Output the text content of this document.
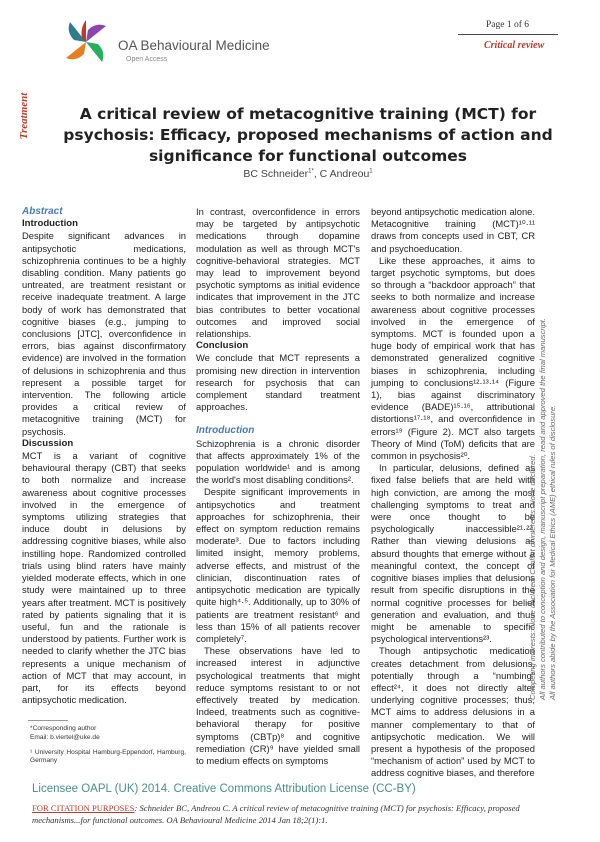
OA Behavioural Medicine
Open Access
Page 1 of 6
Critical review
Treatment	A critical review of metacognitive training (MCT) for psychosis: Efficacy, proposed mechanisms of action and significance for functional outcomes
BC Schneider$^{1*}$, C Andreou$^1$

Abstract

Introduction

Despite significant advances in antipsychotic medications, schizophrenia continues to be a highly disabling condition. Many patients go untreated, are treatment resistant or receive inadequate treatment. A large body of work has demonstrated that cognitive biases (e.g., jumping to conclusions [JTC], overconfidence in errors, bias against disconfirmatory evidence) are involved in the formation of delusions in schizophrenia and thus represent a possible target for intervention. The following article provides a critical review of metacognitive training (MCT) for psychosis.

Discussion

MCT is a variant of cognitive behavioural therapy (CBT) that seeks to both normalize and increase awareness about cognitive processes involved in the emergence of symptoms utilizing strategies that induce doubt in delusions by addressing cognitive biases, while also instilling hope. Randomized controlled trials using blind raters have mainly yielded moderate effects, which in one study were maintained up to three years after treatment. MCT is positively rated by patients signaling that it is useful, fun and the rationale is understood by patients. Further work is needed to clarify whether the JTC bias represents a unique mechanism of action of MCT that may account, in part, for its effects beyond antipsychotic medication.

*Corresponding author

Email: b.viertel@uke.de

¹ University Hospital Hamburg-Eppendorf, Hamburg, Germany

In contrast, overconfidence in errors may be targeted by antipsychotic medications through dopamine modulation as well as through MCT's cognitive-behavioral strategies. MCT may lead to improvement beyond psychotic symptoms as initial evidence indicates that improvement in the JTC bias contributes to better vocational outcomes and improved social relationships.

Conclusion

We conclude that MCT represents a promising new direction in intervention research for psychosis that can complement standard treatment approaches.

Introduction

Schizophrenia is a chronic disorder that affects approximately 1% of the population worldwide¹ and is among the world's most disabling conditions².

Despite significant improvements in antipsychotics and treatment approaches for schizophrenia, their effect on symptom reduction remains moderate³. Due to factors including limited insight, memory problems, adverse effects, and mistrust of the clinician, discontinuation rates of antipsychotic medication are typically quite high⁴·⁵. Additionally, up to 30% of patients are treatment resistant⁶ and less than 15% of all patients recover completely⁷.

These observations have led to increased interest in adjunctive psychological treatments that might reduce symptoms resistant to or not effectively treated by medication. Indeed, treatments such as cognitive-behavioral therapy for positive symptoms (CBTp)⁸ and cognitive remediation (CR)⁹ have yielded small to medium effects on symptoms

beyond antipsychotic medication alone. Metacognitive training (MCT)¹⁰·¹¹ draws from concepts used in CBT, CR and psychoeducation.

Like these approaches, it aims to target psychotic symptoms, but does so through a “backdoor approach” that seeks to both normalize and increase awareness about cognitive processes involved in the emergence of symptoms. MCT is founded upon a huge body of empirical work that has demonstrated generalized cognitive biases in schizophrenia, including jumping to conclusions¹²·¹³·¹⁴ (Figure 1), bias against discriminatory evidence (BADE)¹⁵·¹⁶, attributional distortions¹⁷·¹⁸, and overconfidence in errors¹⁹ (Figure 2). MCT also targets Theory of Mind (ToM) deficits that are common in psychosis²⁰.

In particular, delusions, defined as fixed false beliefs that are held with high conviction, are among the most challenging symptoms to treat and were once thought to be psychologically inaccessible²¹·²². Rather than viewing delusions as absurd thoughts that emerge without a meaningful context, the concept of cognitive biases implies that delusions result from specific disruptions in the normal cognitive processes for belief generation and evaluation, and thus might be amenable to specific psychological interventions²³.

Though antipsychotic medication creates detachment from delusions, potentially through a “numbing” effect²⁴, it does not directly alter underlying cognitive processes; thus, MCT aims to address delusions in a manner complementary to that of antipsychotic medication. We will present a hypothesis of the proposed “mechanism of action” used by MCT to address cognitive biases, and therefore

Competing interests: None declared. Conflict of interests: None declared. All authors contributed to conception and design, manuscript preparation, read and approved the final manuscript. All authors abide by the Association for Medical Ethics (AME) ethical rules of disclosure.
Licensee OAPL (UK) 2014. Creative Commons Attribution License (CC-BY)
FOR CITATION PURPOSES: Schneider BC, Andreou C. A critical review of metacognitive training (MCT) for psychosis: Efficacy, proposed mechanisms...for functional outcomes. OA Behavioural Medicine 2014 Jan 18;2(1):1.
